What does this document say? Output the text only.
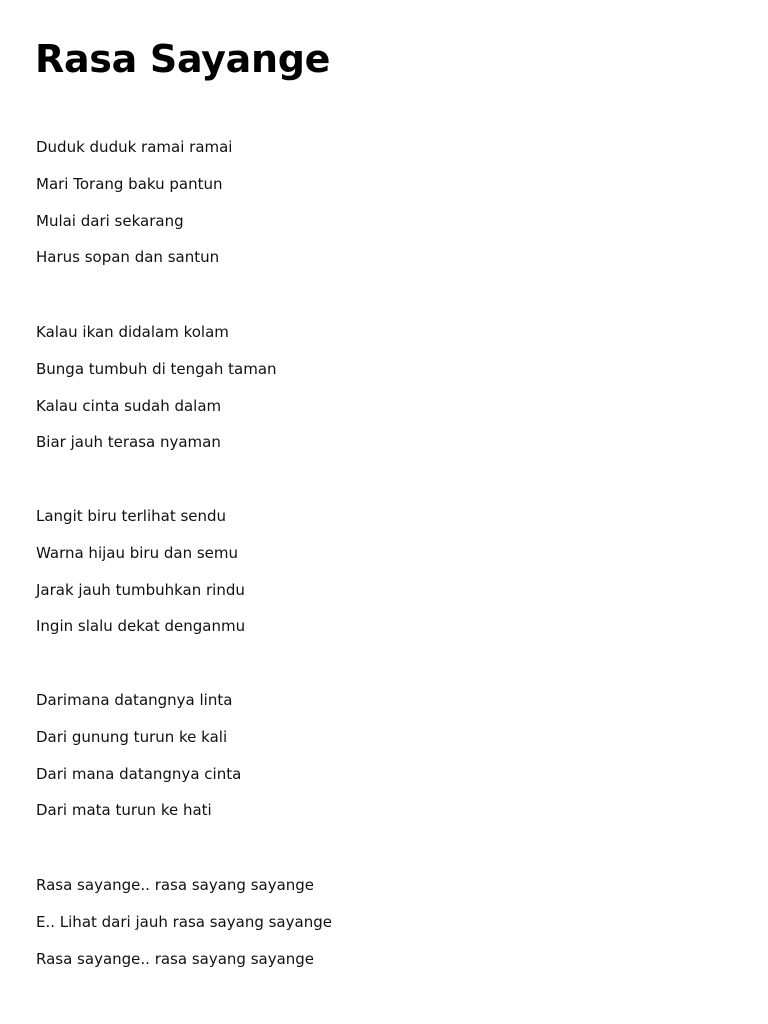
Rasa Sayange
Duduk duduk ramai ramai
Mari Torang baku pantun
Mulai dari sekarang
Harus sopan dan santun
Kalau ikan didalam kolam
Bunga tumbuh di tengah taman
Kalau cinta sudah dalam
Biar jauh terasa nyaman
Langit biru terlihat sendu
Warna hijau biru dan semu
Jarak jauh tumbuhkan rindu
Ingin slalu dekat denganmu
Darimana datangnya linta
Dari gunung turun ke kali
Dari mana datangnya cinta
Dari mata turun ke hati
Rasa sayange.. rasa sayang sayange
E.. Lihat dari jauh rasa sayang sayange
Rasa sayange.. rasa sayang sayange
